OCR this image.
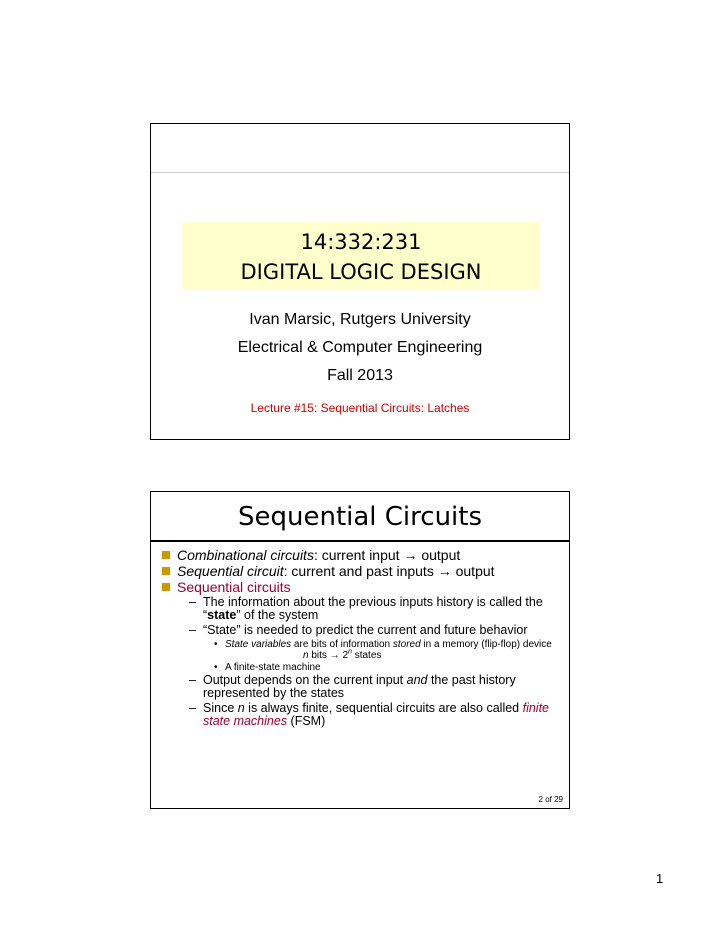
14:332:231
DIGITAL LOGIC DESIGN
Ivan Marsic, Rutgers University
Electrical & Computer Engineering
Fall 2013
Lecture #15: Sequential Circuits: Latches
Sequential Circuits
Combinational circuits: current input → output
Sequential circuit: current and past inputs → output
Sequential circuits
– The information about the previous inputs history is called the “state” of the system
– “State” is needed to predict the current and future behavior
• State variables are bits of information stored in a memory (flip-flop) devicen bits → $2^n$ states
• A finite-state machine
– Output depends on the current input and the past history represented by the states
– Since n is always finite, sequential circuits are also called finite state machines (FSM)
2 of 29
1
